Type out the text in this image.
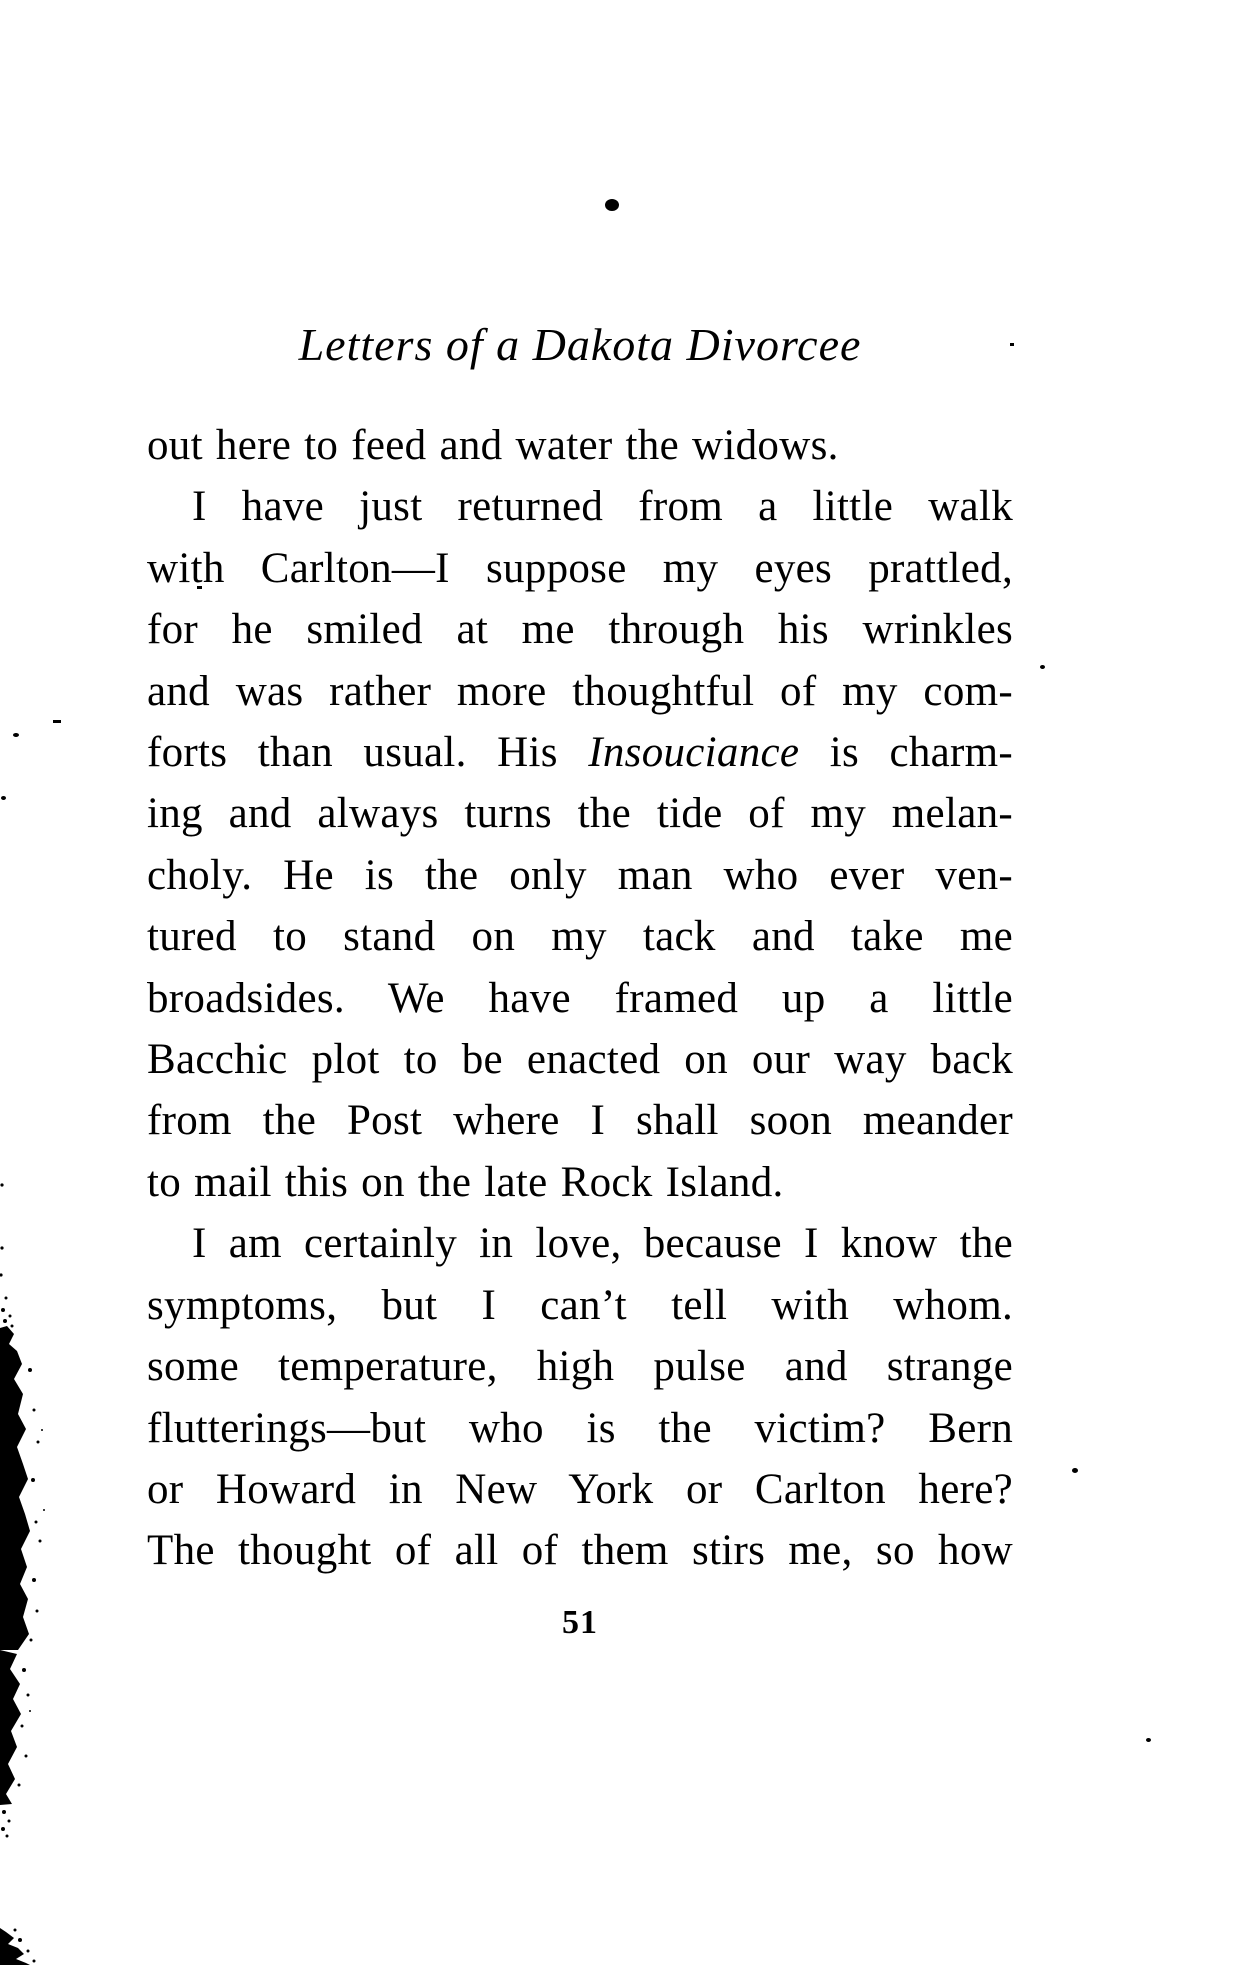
Letters of a Dakota Divorcee
out here to feed and water the widows.
I have just returned from a little walk
with Carlton—I suppose my eyes prattled,
for he smiled at me through his wrinkles
and was rather more thoughtful of my com-
forts than usual. His Insouciance is charm-
ing and always turns the tide of my melan-
choly. He is the only man who ever ven-
tured to stand on my tack and take me
broadsides. We have framed up a little
Bacchic plot to be enacted on our way back
from the Post where I shall soon meander
to mail this on the late Rock Island.
I am certainly in love, because I know the
symptoms, but I can’t tell with whom.
some temperature, high pulse and strange
flutterings—but who is the victim? Bern
or Howard in New York or Carlton here?
The thought of all of them stirs me, so how
51
